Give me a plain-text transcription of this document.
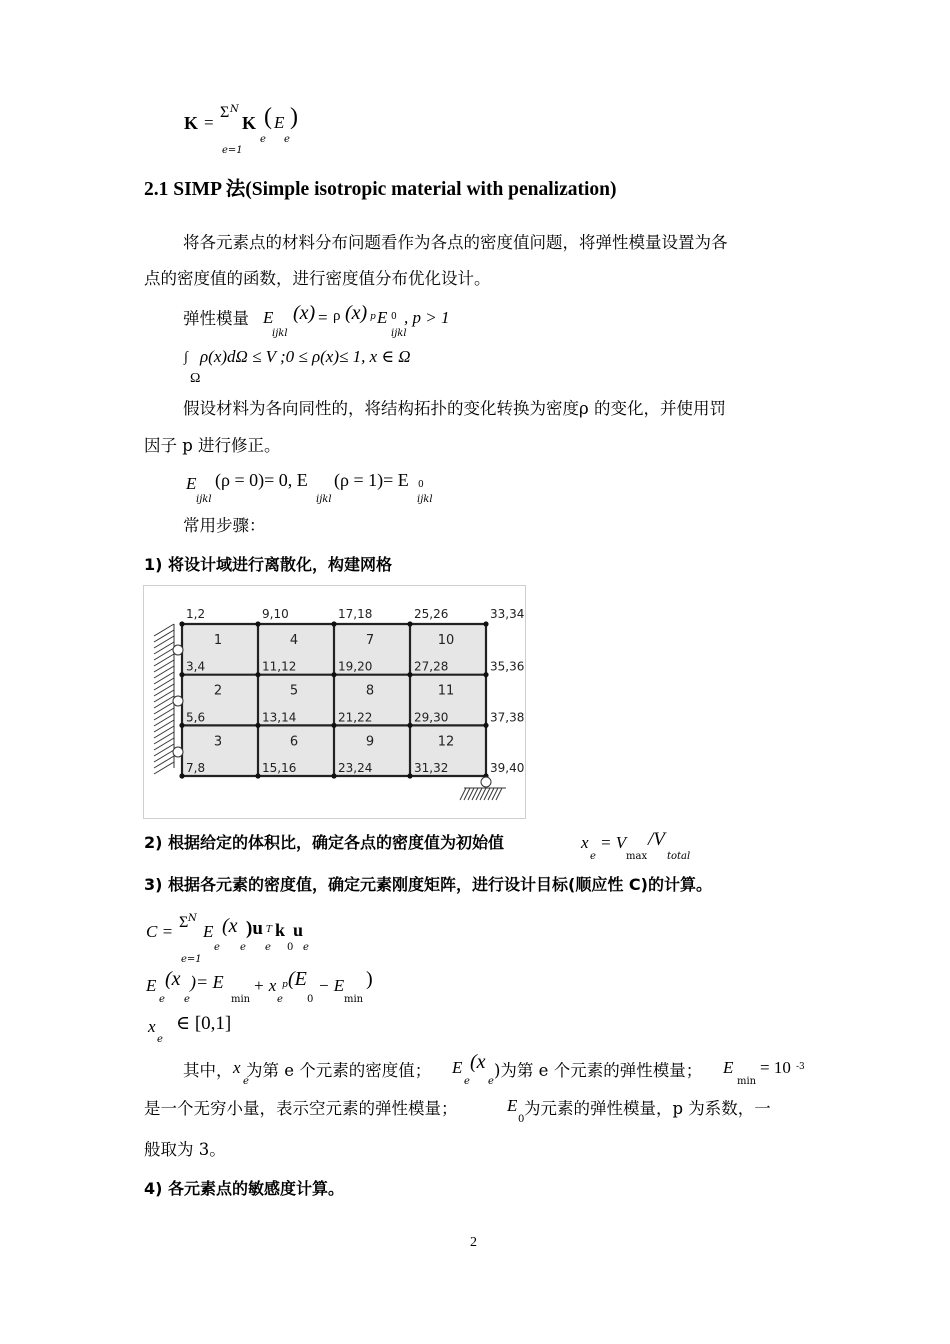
K =
Σ N
e=1
K
e
( E
e
)
2.1 SIMP 法(Simple isotropic material with penalization)
将各元素点的材料分布问题看作为各点的密度值问题，将弹性模量设置为各
点的密度值的函数，进行密度值分布优化设计。
弹性模量 E
ijkl
(x) = ρ (x) p E 0
ijkl
, p > 1
∫ ρ(x)dΩ ≤ V ;0 ≤ ρ(x)≤ 1, x ∈ Ω
Ω
假设材料为各向同性的，将结构拓扑的变化转换为密度ρ 的变化，并使用罚
因子 p 进行修正。
E
ijkl
(ρ = 0)= 0, E
ijkl
(ρ = 1)= E 0
ijkl
常用步骤：
1) 将设计域进行离散化，构建网格
1,2	9,10	17,18	25,26	33,34
35,36
37,38
39,40
1
3,4
4
11,12
7
19,20
10
27,28
2
5,6
5
13,14
8
21,22
11
29,30
3
7,8
6
15,16
9
23,24
12
31,32
2) 根据给定的体积比，确定各点的密度值为初始值	x
e
= V
max
/V
total
3) 根据各元素的密度值，确定元素刚度矩阵，进行设计目标(顺应性 C)的计算。
C = Σ N
e=1
E
e
(x
e
)u T
e
k
0
u
e
E
e
(x
e
)= E
min
+ x p
e
(E
0
− E
min
)
x
e
∈ [0,1]
其中， x
e
为第 e 个元素的密度值； E
e
(x
e
)为第 e 个元素的弹性模量； E
min
= 10 -3
是一个无穷小量，表示空元素的弹性模量；	E
0
为元素的弹性模量，p 为系数，一
般取为 3。
4) 各元素点的敏感度计算。
2
